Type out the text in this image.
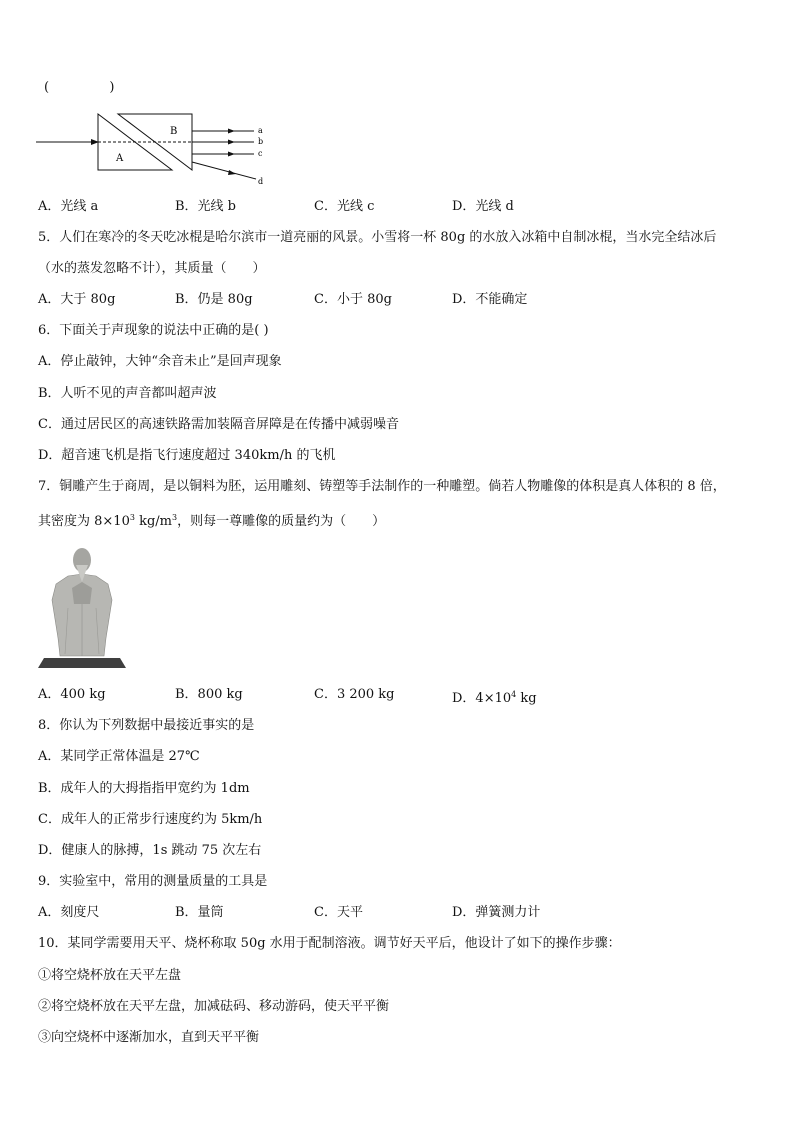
(	)
A
B	a
b
c
d
A．光线 a	B．光线 b	C．光线 c	D．光线 d
5．人们在寒冷的冬天吃冰棍是哈尔滨市一道亮丽的风景。小雪将一杯 80g 的水放入冰箱中自制冰棍，当水完全结冰后
（水的蒸发忽略不计），其质量（　　）
A．大于 80g	B．仍是 80g	C．小于 80g	D．不能确定
6．下面关于声现象的说法中正确的是( )
A．停止敲钟，大钟“余音未止”是回声现象
B．人听不见的声音都叫超声波
C．通过居民区的高速铁路需加装隔音屏障是在传播中减弱噪音
D．超音速飞机是指飞行速度超过 340km/h 的飞机
7．铜雕产生于商周，是以铜料为胚，运用雕刻、铸塑等手法制作的一种雕塑。倘若人物雕像的体积是真人体积的 8 倍，
其密度为 $8\times 10^3$ $kg/m^3$，则每一尊雕像的质量约为（　　）
A．400 kg	B．800 kg	C．3 200 kg	D．$4\times 10^4$ kg
8．你认为下列数据中最接近事实的是
A．某同学正常体温是 27℃
B．成年人的大拇指指甲宽约为 1dm
C．成年人的正常步行速度约为 5km/h
D．健康人的脉搏，1s 跳动 75 次左右
9．实验室中，常用的测量质量的工具是
A．刻度尺	B．量筒	C．天平	D．弹簧测力计
10．某同学需要用天平、烧杯称取 50g 水用于配制溶液。调节好天平后，他设计了如下的操作步骤：
①将空烧杯放在天平左盘
②将空烧杯放在天平左盘，加减砝码、移动游码，使天平平衡
③向空烧杯中逐渐加水，直到天平平衡
